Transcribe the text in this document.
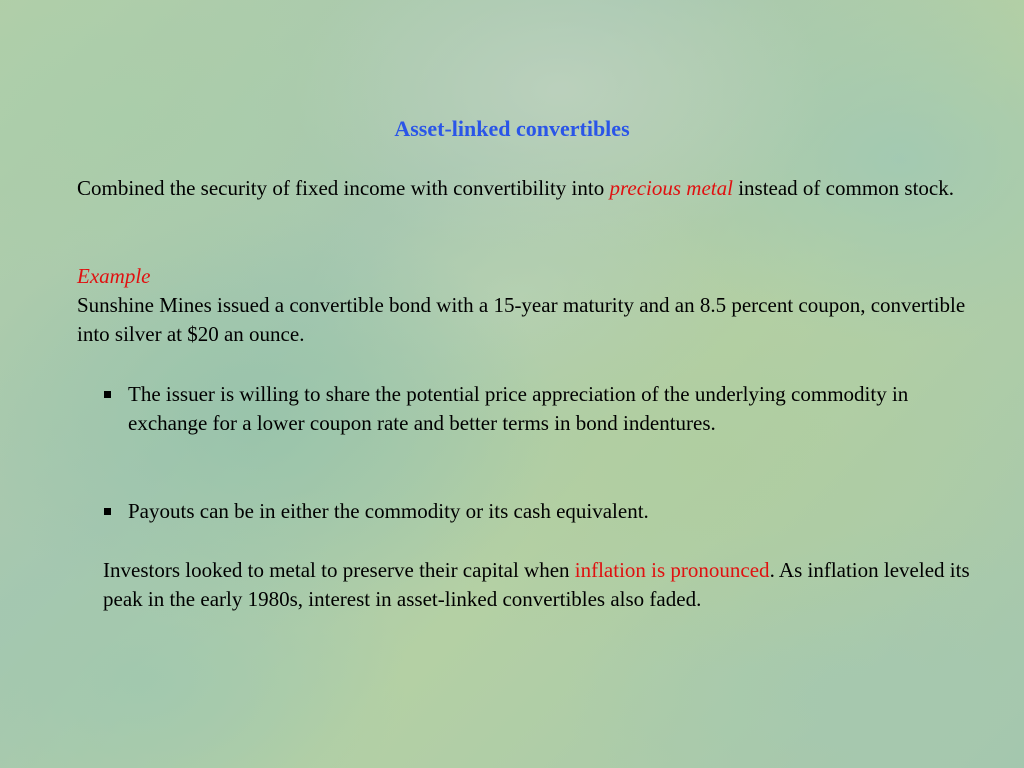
Asset-linked convertibles

Combined the security of fixed income with convertibility into precious metal instead of common stock.

Example

Sunshine Mines issued a convertible bond with a 15-year maturity and an 8.5 percent coupon, convertible into silver at $20 an ounce.

The issuer is willing to share the potential price appreciation of the underlying commodity in exchange for a lower coupon rate and better terms in bond indentures.
Payouts can be in either the commodity or its cash equivalent.

Investors looked to metal to preserve their capital when inflation is pronounced. As inflation leveled its peak in the early 1980s, interest in asset-linked convertibles also faded.
